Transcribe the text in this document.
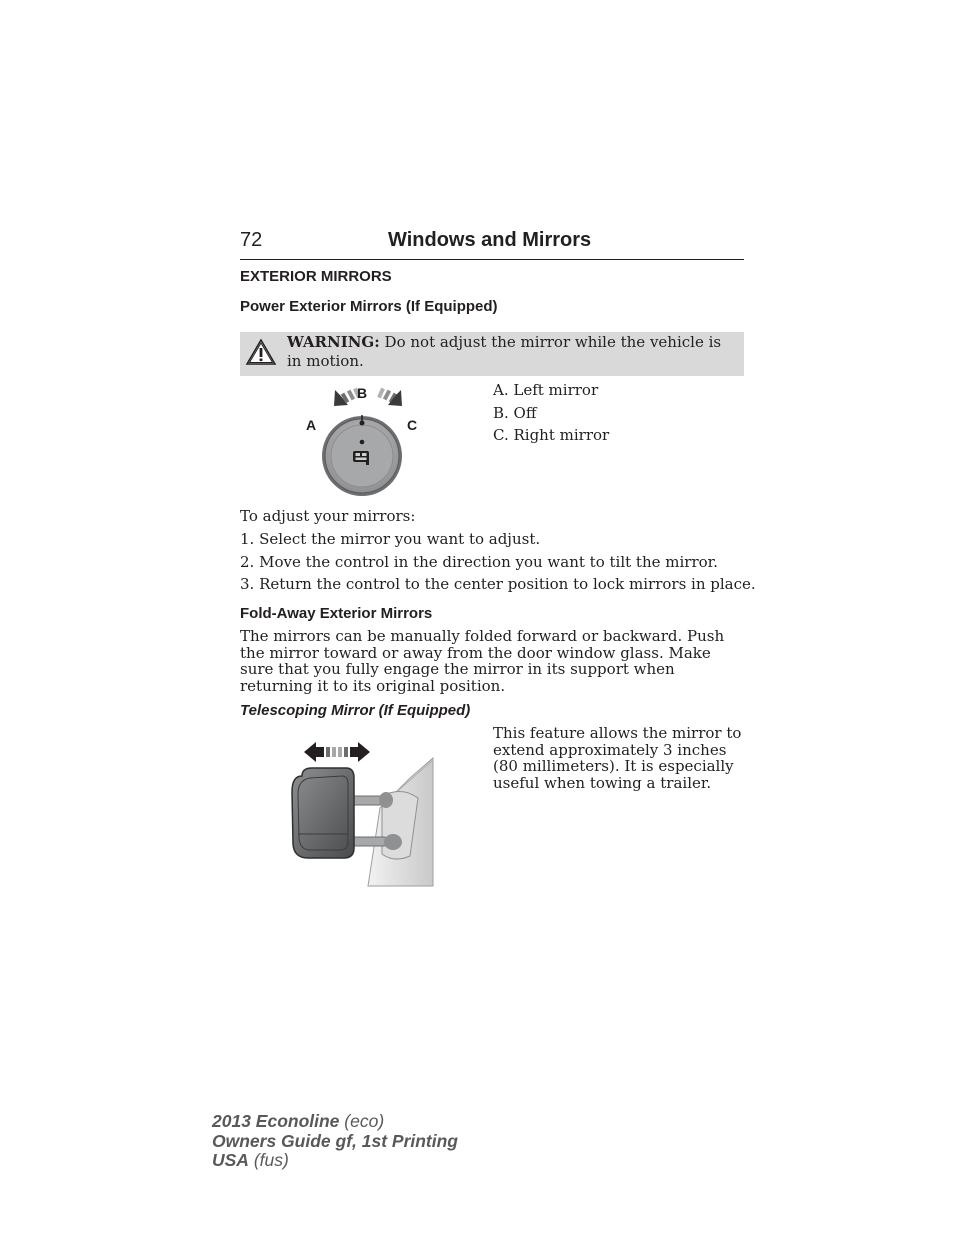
72	Windows and Mirrors
EXTERIOR MIRRORS
Power Exterior Mirrors (If Equipped)
WARNING: Do not adjust the mirror while the vehicle is in motion.
B
A	C
A. Left mirror
B. Off
C. Right mirror
To adjust your mirrors:
1. Select the mirror you want to adjust.
2. Move the control in the direction you want to tilt the mirror.
3. Return the control to the center position to lock mirrors in place.
Fold-Away Exterior Mirrors
The mirrors can be manually folded forward or backward. Push the mirror toward or away from the door window glass. Make sure that you fully engage the mirror in its support when returning it to its original position.
Telescoping Mirror (If Equipped)
This feature allows the mirror to extend approximately 3 inches (80 millimeters). It is especially useful when towing a trailer.
2013 Econoline (eco)
Owners Guide gf, 1st Printing
USA (fus)
